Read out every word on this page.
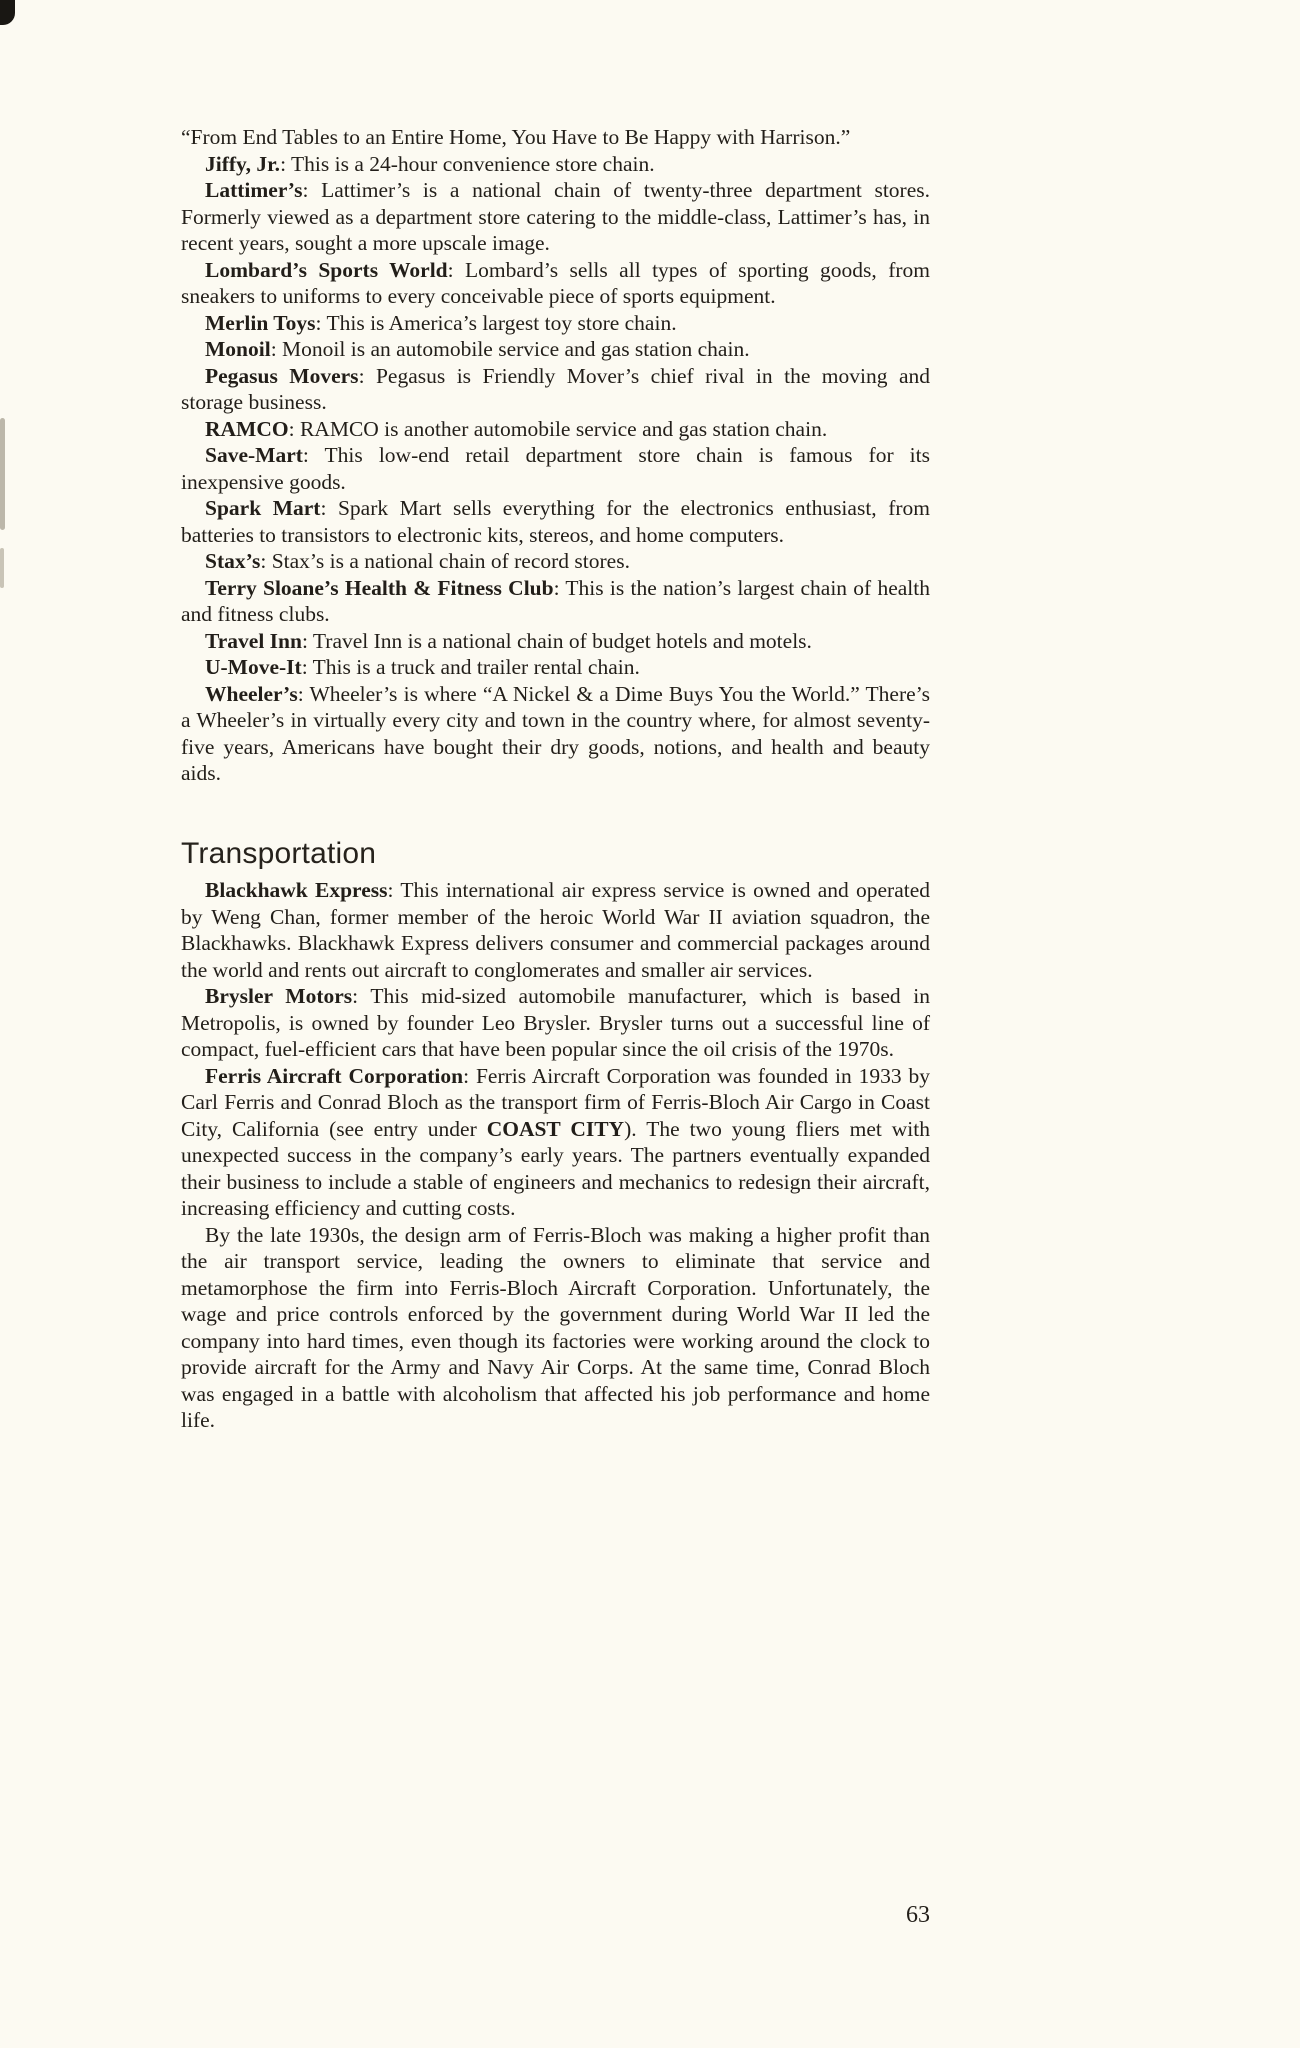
“From End Tables to an Entire Home, You Have to Be Happy with Harrison.”

Jiffy, Jr.: This is a 24-hour convenience store chain.

Lattimer’s: Lattimer’s is a national chain of twenty-three department stores. Formerly viewed as a department store catering to the middle-class, Lattimer’s has, in recent years, sought a more upscale image.

Lombard’s Sports World: Lombard’s sells all types of sporting goods, from sneakers to uniforms to every conceivable piece of sports equipment.

Merlin Toys: This is America’s largest toy store chain.

Monoil: Monoil is an automobile service and gas station chain.

Pegasus Movers: Pegasus is Friendly Mover’s chief rival in the moving and storage business.

RAMCO: RAMCO is another automobile service and gas station chain.

Save-Mart: This low-end retail department store chain is famous for its inexpensive goods.

Spark Mart: Spark Mart sells everything for the electronics enthusiast, from batteries to transistors to electronic kits, stereos, and home computers.

Stax’s: Stax’s is a national chain of record stores.

Terry Sloane’s Health & Fitness Club: This is the nation’s largest chain of health and fitness clubs.

Travel Inn: Travel Inn is a national chain of budget hotels and motels.

U-Move-It: This is a truck and trailer rental chain.

Wheeler’s: Wheeler’s is where “A Nickel & a Dime Buys You the World.” There’s a Wheeler’s in virtually every city and town in the country where, for almost seventy-five years, Americans have bought their dry goods, notions, and health and beauty aids.

Transportation

Blackhawk Express: This international air express service is owned and operated by Weng Chan, former member of the heroic World War II aviation squadron, the Blackhawks. Blackhawk Express delivers consumer and commercial packages around the world and rents out aircraft to conglomerates and smaller air services.

Brysler Motors: This mid-sized automobile manufacturer, which is based in Metropolis, is owned by founder Leo Brysler. Brysler turns out a successful line of compact, fuel-efficient cars that have been popular since the oil crisis of the 1970s.

Ferris Aircraft Corporation: Ferris Aircraft Corporation was founded in 1933 by Carl Ferris and Conrad Bloch as the transport firm of Ferris-Bloch Air Cargo in Coast City, California (see entry under COAST CITY). The two young fliers met with unexpected success in the company’s early years. The partners eventually expanded their business to include a stable of engineers and mechanics to redesign their aircraft, increasing efficiency and cutting costs.

By the late 1930s, the design arm of Ferris-Bloch was making a higher profit than the air transport service, leading the owners to eliminate that service and metamorphose the firm into Ferris-Bloch Aircraft Corporation. Unfortunately, the wage and price controls enforced by the government during World War II led the company into hard times, even though its factories were working around the clock to provide aircraft for the Army and Navy Air Corps. At the same time, Conrad Bloch was engaged in a battle with alcoholism that affected his job performance and home life.

63
